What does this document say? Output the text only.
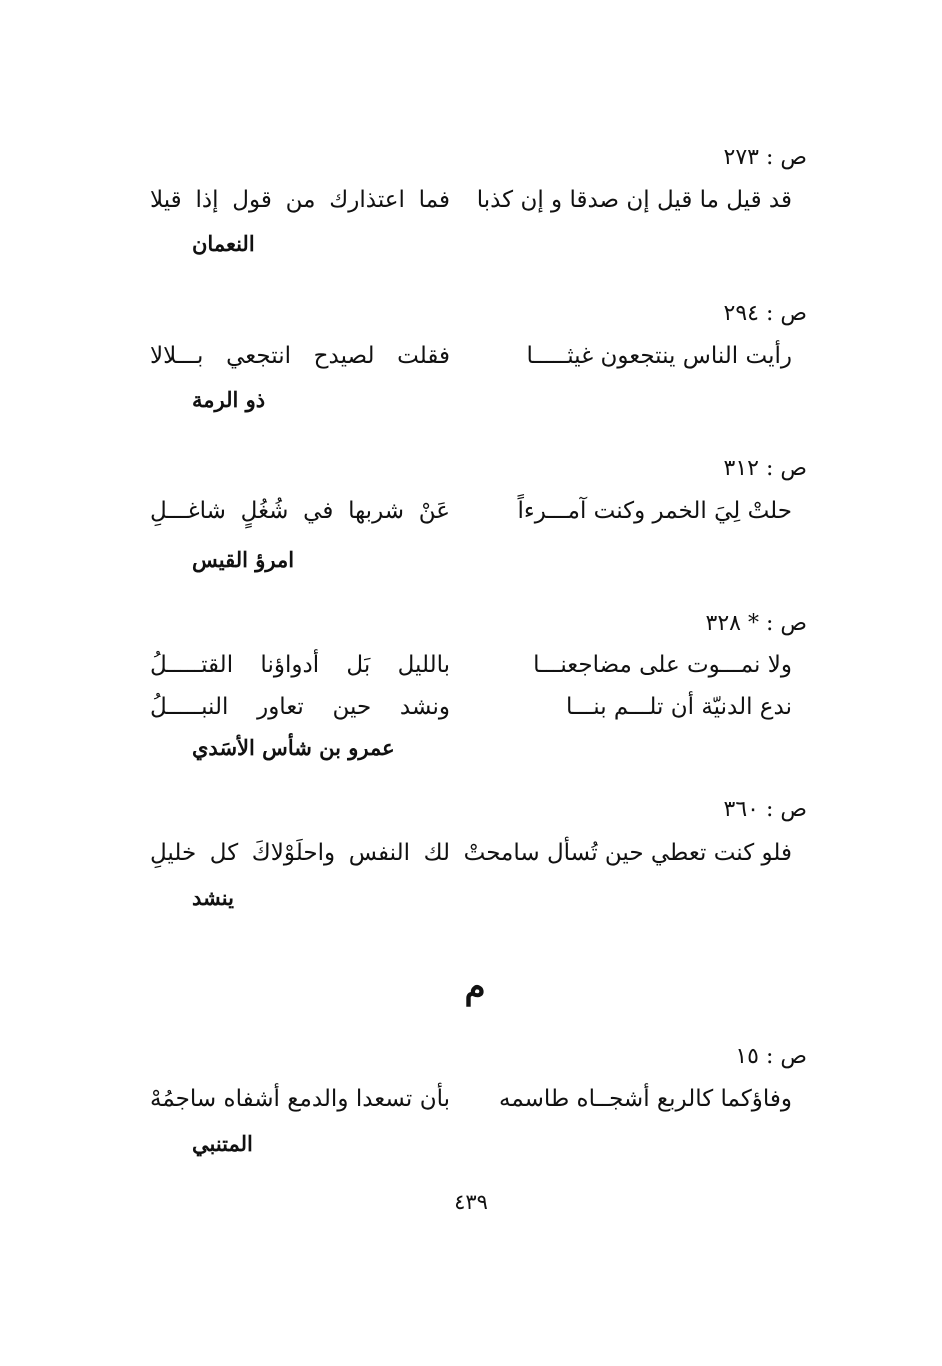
ص : ٢٧٣
قد قيل ما قيل إن صدقا و إن كذبا
فما اعتذارك من قول إذا قيلا
النعمان
ص : ٢٩٤
رأيت الناس ينتجعون غيثـــــا
فقلت لصيدح انتجعي بـــلالا
ذو الرمة
ص : ٣١٢
حلتْ لِيَ الخمر وكنت آمـــرءاً
عَنْ شربها في شُغُلٍ شاغـــلِ
امرؤ القيس
ص : * ٣٢٨
ولا نمـــوت على مضاجعنـــا
بالليل بَل أدواؤنا القتـــــلُ
ندع الدنيّة أن تلـــم بنـــا
ونشد حين تعاور النبـــــلُ
عمرو بن شأس الأسَدي
ص : ٣٦٠
فلو كنت تعطي حين تُسأل سامحتْ
لك النفس واحلَوْلاكَ كل خليلِ
ينشد
م
ص : ١٥
وفاؤكما كالربع أشجــاه طاسمه
بأن تسعدا والدمع أشفاه ساجمُهْ
المتنبي
٤٣٩
